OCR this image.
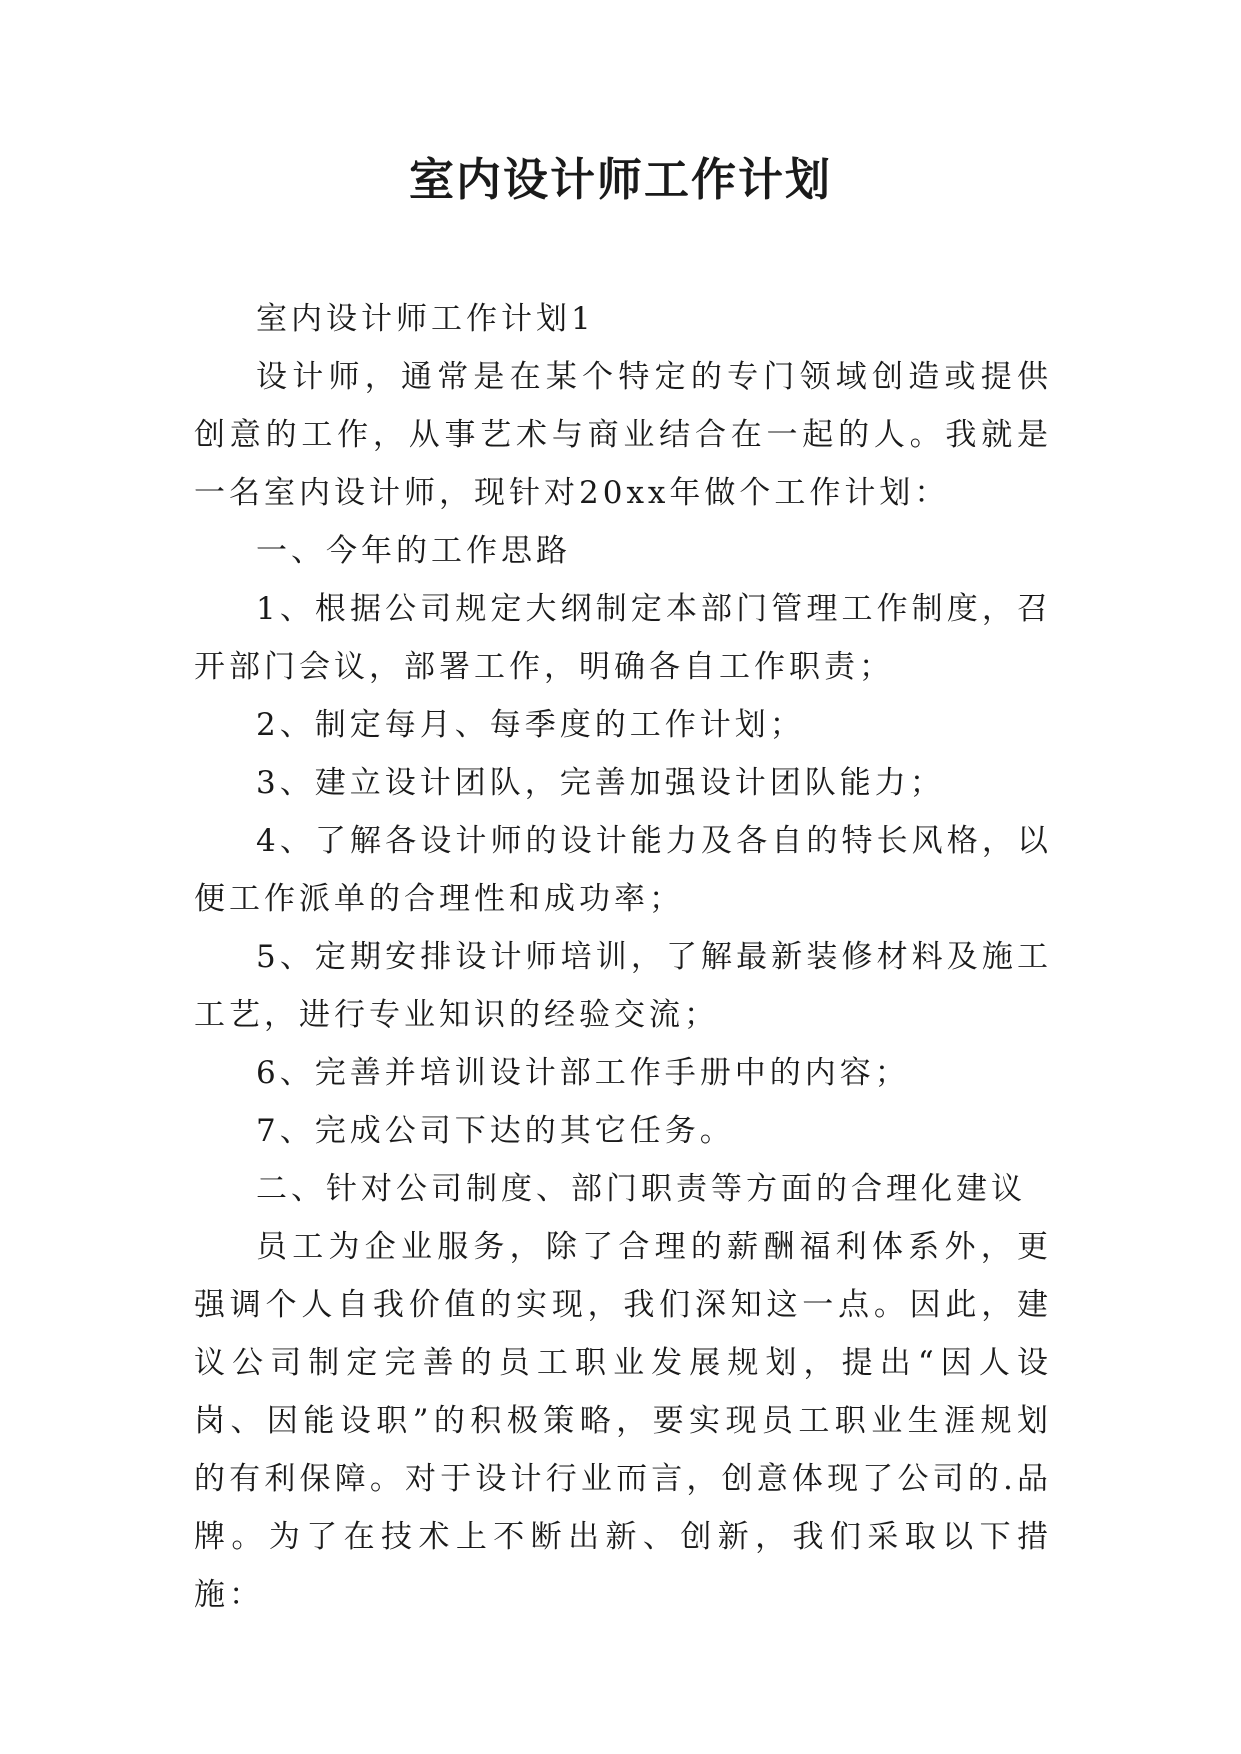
室内设计师工作计划

室内设计师工作计划1

设计师，通常是在某个特定的专门领域创造或提供创意的工作，从事艺术与商业结合在一起的人。我就是一名室内设计师，现针对20xx年做个工作计划：

一、今年的工作思路

1、根据公司规定大纲制定本部门管理工作制度，召开部门会议，部署工作，明确各自工作职责；

2、制定每月、每季度的工作计划；

3、建立设计团队，完善加强设计团队能力；

4、了解各设计师的设计能力及各自的特长风格，以便工作派单的合理性和成功率；

5、定期安排设计师培训，了解最新装修材料及施工工艺，进行专业知识的经验交流；

6、完善并培训设计部工作手册中的内容；

7、完成公司下达的其它任务。

二、针对公司制度、部门职责等方面的合理化建议

员工为企业服务，除了合理的薪酬福利体系外，更强调个人自我价值的实现，我们深知这一点。因此，建议公司制定完善的员工职业发展规划，提出“因人设岗、因能设职”的积极策略，要实现员工职业生涯规划的有利保障。对于设计行业而言，创意体现了公司的.品牌。为了在技术上不断出新、创新，我们采取以下措施：
